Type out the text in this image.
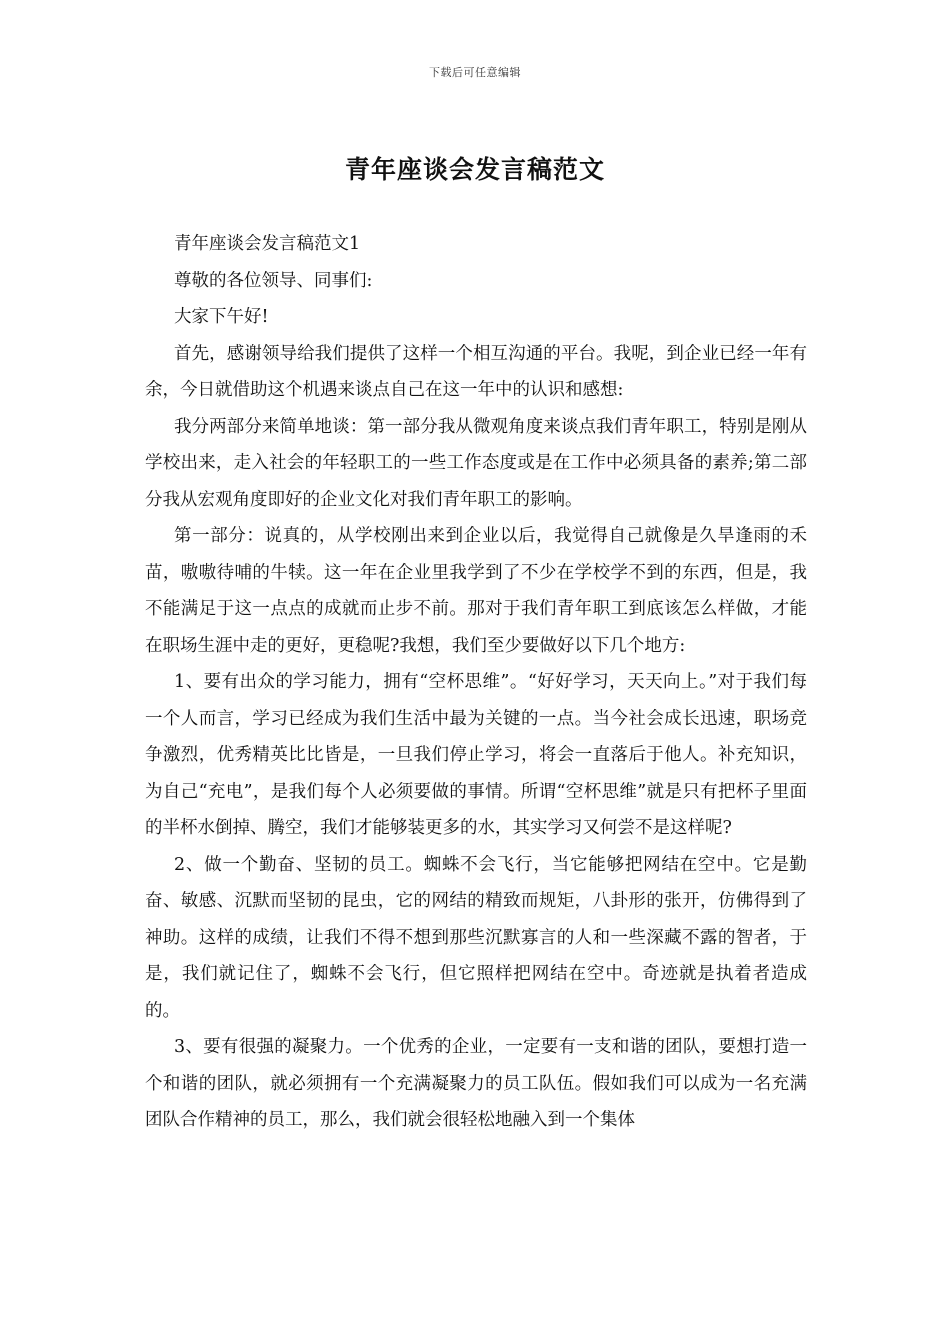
下载后可任意编辑
青年座谈会发言稿范文

青年座谈会发言稿范文1

尊敬的各位领导、同事们:

大家下午好!

首先，感谢领导给我们提供了这样一个相互沟通的平台。我呢，到企业已经一年有余，今日就借助这个机遇来谈点自己在这一年中的认识和感想:

我分两部分来简单地谈：第一部分我从微观角度来谈点我们青年职工，特别是刚从学校出来，走入社会的年轻职工的一些工作态度或是在工作中必须具备的素养;第二部分我从宏观角度即好的企业文化对我们青年职工的影响。

第一部分：说真的，从学校刚出来到企业以后，我觉得自己就像是久旱逢雨的禾苗，嗷嗷待哺的牛犊。这一年在企业里我学到了不少在学校学不到的东西，但是，我不能满足于这一点点的成就而止步不前。那对于我们青年职工到底该怎么样做，才能在职场生涯中走的更好，更稳呢?我想，我们至少要做好以下几个地方:

1、要有出众的学习能力，拥有“空杯思维”。“好好学习，天天向上。”对于我们每一个人而言，学习已经成为我们生活中最为关键的一点。当今社会成长迅速，职场竞争激烈，优秀精英比比皆是，一旦我们停止学习，将会一直落后于他人。补充知识，为自己“充电”，是我们每个人必须要做的事情。所谓“空杯思维”就是只有把杯子里面的半杯水倒掉、腾空，我们才能够装更多的水，其实学习又何尝不是这样呢?

2、做一个勤奋、坚韧的员工。蜘蛛不会飞行，当它能够把网结在空中。它是勤奋、敏感、沉默而坚韧的昆虫，它的网结的精致而规矩，八卦形的张开，仿佛得到了神助。这样的成绩，让我们不得不想到那些沉默寡言的人和一些深藏不露的智者，于是，我们就记住了，蜘蛛不会飞行，但它照样把网结在空中。奇迹就是执着者造成的。

3、要有很强的凝聚力。一个优秀的企业，一定要有一支和谐的团队，要想打造一个和谐的团队，就必须拥有一个充满凝聚力的员工队伍。假如我们可以成为一名充满团队合作精神的员工，那么，我们就会很轻松地融入到一个集体
